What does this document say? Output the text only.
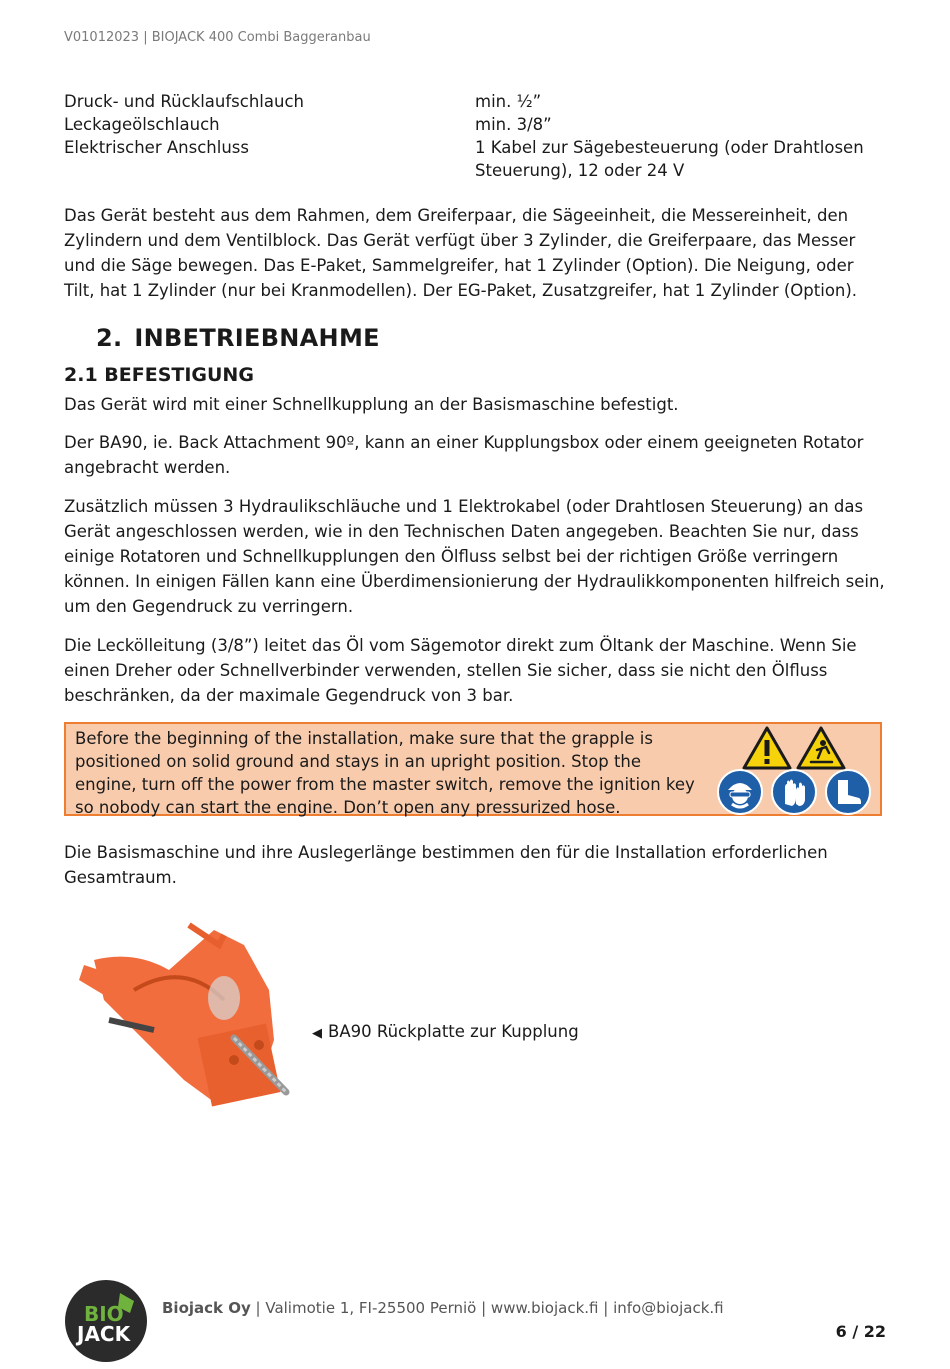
V01012023 | BIOJACK 400 Combi Baggeranbau
Druck- und Rücklaufschlauch	min. ½”
Leckageölschlauch	min. 3/8”
Elektrischer Anschluss	1 Kabel zur Sägebesteuerung (oder Drahtlosen Steuerung), 12 oder 24 V

Das Gerät besteht aus dem Rahmen, dem Greiferpaar, die Sägeeinheit, die Messereinheit, den Zylindern und dem Ventilblock. Das Gerät verfügt über 3 Zylinder, die Greiferpaare, das Messer und die Säge bewegen. Das E-Paket, Sammelgreifer, hat 1 Zylinder (Option). Die Neigung, oder Tilt, hat 1 Zylinder (nur bei Kranmodellen). Der EG-Paket, Zusatzgreifer, hat 1 Zylinder (Option).

2. INBETRIEBNAHME
2.1 BEFESTIGUNG

Das Gerät wird mit einer Schnellkupplung an der Basismaschine befestigt.

Der BA90, ie. Back Attachment 90º, kann an einer Kupplungsbox oder einem geeigneten Rotator angebracht werden.

Zusätzlich müssen 3 Hydraulikschläuche und 1 Elektrokabel (oder Drahtlosen Steuerung) an das Gerät angeschlossen werden, wie in den Technischen Daten angegeben. Beachten Sie nur, dass einige Rotatoren und Schnellkupplungen den Ölfluss selbst bei der richtigen Größe verringern können. In einigen Fällen kann eine Überdimensionierung der Hydraulikkomponenten hilfreich sein, um den Gegendruck zu verringern.

Die Leckölleitung (3/8”) leitet das Öl vom Sägemotor direkt zum Öltank der Maschine. Wenn Sie einen Dreher oder Schnellverbinder verwenden, stellen Sie sicher, dass sie nicht den Ölfluss beschränken, da der maximale Gegendruck von 3 bar.

Before the beginning of the installation, make sure that the grapple is positioned on solid ground and stays in an upright position. Stop the engine, turn off the power from the master switch, remove the ignition key so nobody can start the engine. Don’t open any pressurized hose.

Die Basismaschine und ihre Auslegerlänge bestimmen den für die Installation erforderlichen Gesamtraum.

◀ BA90 Rückplatte zur Kupplung
BIO
JACK
Biojack Oy | Valimotie 1, FI-25500 Perniö | www.biojack.fi | info@biojack.fi
6 / 22
